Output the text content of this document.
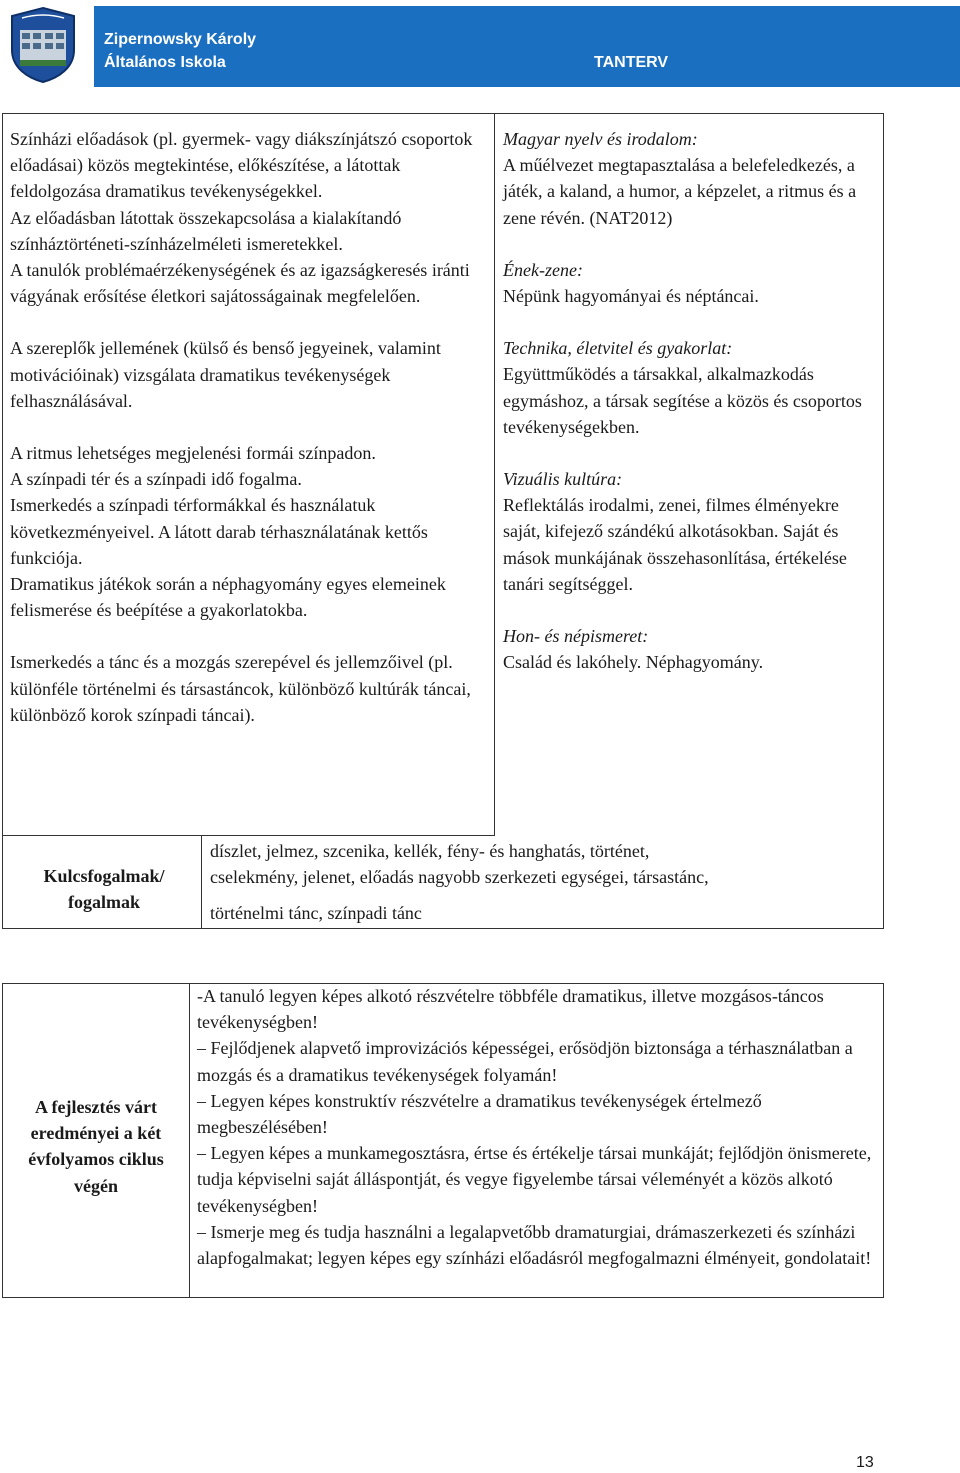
Zipernowsky Károly
Általános Iskola	TANTERV

Színházi előadások (pl. gyermek- vagy diákszínjátszó csoportok előadásai) közös megtekintése, előkészítése, a látottak feldolgozása dramatikus tevékenységekkel.

Az előadásban látottak összekapcsolása a kialakítandó színháztörténeti-színházelméleti ismeretekkel.

A tanulók problémaérzékenységének és az igazságkeresés iránti vágyának erősítése életkori sajátosságainak megfelelően.

A szereplők jellemének (külső és benső jegyeinek, valamint motivációinak) vizsgálata dramatikus tevékenységek felhasználásával.

A ritmus lehetséges megjelenési formái színpadon.

A színpadi tér és a színpadi idő fogalma.

Ismerkedés a színpadi térformákkal és használatuk következményeivel. A látott darab térhasználatának kettős funkciója.

Dramatikus játékok során a néphagyomány egyes elemeinek felismerése és beépítése a gyakorlatokba.

Ismerkedés a tánc és a mozgás szerepével és jellemzőivel (pl. különféle történelmi és társastáncok, különböző kultúrák táncai, különböző korok színpadi táncai).

Magyar nyelv és irodalom:

A műélvezet megtapasztalása a belefeledkezés, a játék, a kaland, a humor, a képzelet, a ritmus és a zene révén. (NAT2012)

Ének-zene:

Népünk hagyományai és néptáncai.

Technika, életvitel és gyakorlat:

Együttműködés a társakkal, alkalmazkodás egymáshoz, a társak segítése a közös és csoportos tevékenységekben.

Vizuális kultúra:

Reflektálás irodalmi, zenei, filmes élményekre saját, kifejező szándékú alkotásokban. Saját és mások munkájának összehasonlítása, értékelése tanári segítséggel.

Hon- és népismeret:

Család és lakóhely. Néphagyomány.

Kulcsfogalmak/ fogalmak
díszlet, jelmez, szcenika, kellék, fény- és hanghatás, történet,
cselekmény, jelenet, előadás nagyobb szerkezeti egységei, társastánc,
történelmi tánc, színpadi tánc
A fejlesztés várt eredményei a két évfolyamos ciklus végén

-A tanuló legyen képes alkotó részvételre többféle dramatikus, illetve mozgásos-táncos tevékenységben!

– Fejlődjenek alapvető improvizációs képességei, erősödjön biztonsága a térhasználatban a mozgás és a dramatikus tevékenységek folyamán!

– Legyen képes konstruktív részvételre a dramatikus tevékenységek értelmező megbeszélésében!

– Legyen képes a munkamegosztásra, értse és értékelje társai munkáját; fejlődjön önismerete, tudja képviselni saját álláspontját, és vegye figyelembe társai véleményét a közös alkotó tevékenységben!

– Ismerje meg és tudja használni a legalapvetőbb dramaturgiai, drámaszerkezeti és színházi alapfogalmakat; legyen képes egy színházi előadásról megfogalmazni élményeit, gondolatait!

13
